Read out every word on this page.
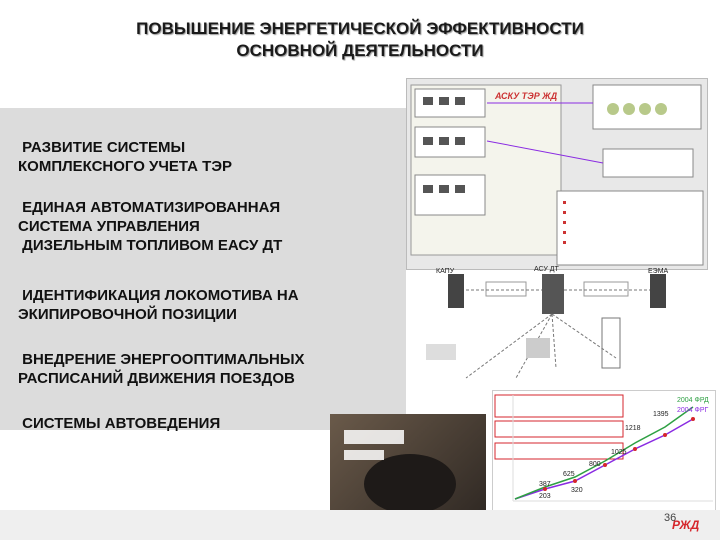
ПОВЫШЕНИЕ ЭНЕРГЕТИЧЕСКОЙ ЭФФЕКТИВНОСТИ
ОСНОВНОЙ ДЕЯТЕЛЬНОСТИ
РАЗВИТИЕ СИСТЕМЫ
КОМПЛЕКСНОГО УЧЕТА ТЭР
ЕДИНАЯ АВТОМАТИЗИРОВАННАЯ
СИСТЕМА УПРАВЛЕНИЯ
ДИЗЕЛЬНЫМ ТОПЛИВОМ ЕАСУ ДТ
ИДЕНТИФИКАЦИЯ ЛОКОМОТИВА НА
ЭКИПИРОВОЧНОЙ ПОЗИЦИИ
ВНЕДРЕНИЕ ЭНЕРГООПТИМАЛЬНЫХ
РАСПИСАНИЙ ДВИЖЕНИЯ ПОЕЗДОВ
СИСТЕМЫ АВТОВЕДЕНИЯ
АСКУ ТЭР ЖД
КАПУ	АСУ ДТ	ЕЭМА
1395
1218
1025
800
625
387
320
203
2004 ФРД
2004 ФРГ
РЖД
36
